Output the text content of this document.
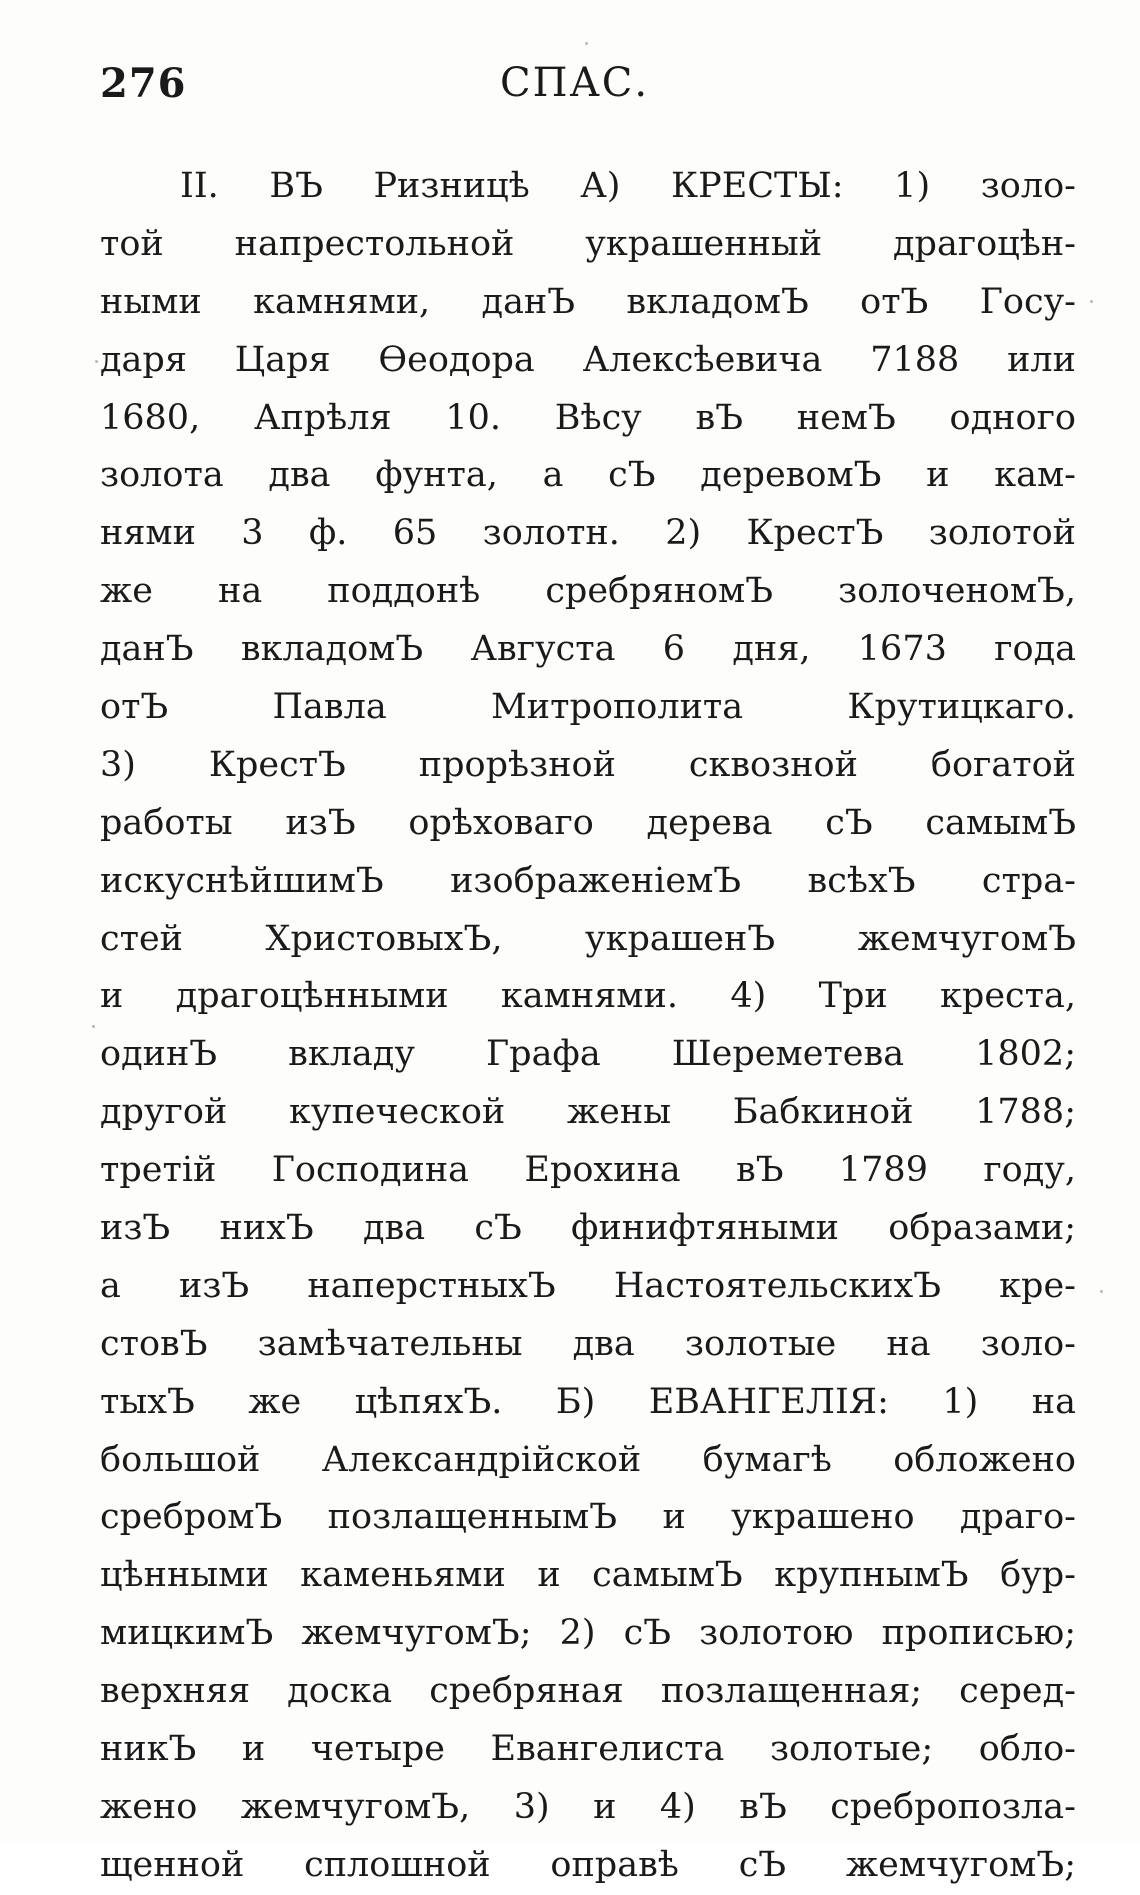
276	СПАС.
II. ВЪ Ризницѣ А) КРЕСТЫ: 1) золо-
той напрестольной украшенный драгоцѣн-
ными камнями, данЪ вкладомЪ отЪ Госу-
даря Царя Ѳеодора Алексѣевича 7188 или
1680, Апрѣля 10. Вѣсу вЪ немЪ одного
золота два фунта, а сЪ деревомЪ и кам-
нями 3 ф. 65 золотн. 2) КрестЪ золотой
же на поддонѣ сребряномЪ золоченомЪ,
данЪ вкладомЪ Августа 6 дня, 1673 года
отЪ Павла Митрополита Крутицкаго.
3) КрестЪ прорѣзной сквозной богатой
работы изЪ орѣховаго дерева сЪ самымЪ
искуснѣйшимЪ изображеніемЪ всѣхЪ стра-
стей ХристовыхЪ, украшенЪ жемчугомЪ
и драгоцѣнными камнями. 4) Три креста,
одинЪ вкладу Графа Шереметева 1802;
другой купеческой жены Бабкиной 1788;
третій Господина Ерохина вЪ 1789 году,
изЪ нихЪ два сЪ финифтяными образами;
а изЪ наперстныхЪ НастоятельскихЪ кре-
стовЪ замѣчательны два золотые на золо-
тыхЪ же цѣпяхЪ. Б) ЕВАНГЕЛІЯ: 1) на
большой Александрійской бумагѣ обложено
сребромЪ позлащеннымЪ и украшено драго-
цѣнными каменьями и самымЪ крупнымЪ бур-
мицкимЪ жемчугомЪ; 2) сЪ золотою прописью;
верхняя доска сребряная позлащенная; серед-
никЪ и четыре Евангелиста золотые; обло-
жено жемчугомЪ, 3) и 4) вЪ сребропозла-
щенной сплошной оправѣ сЪ жемчугомЪ;
